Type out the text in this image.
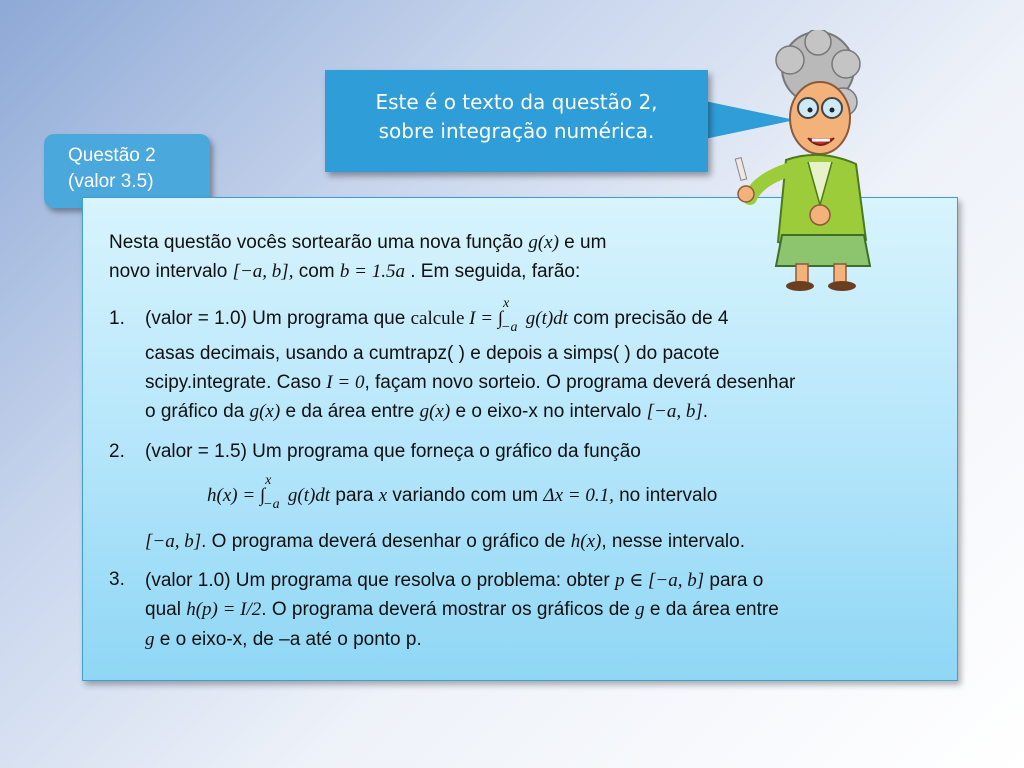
Questão 2
(valor 3.5)
Nesta questão vocês sortearão uma nova função g(x) e um
novo intervalo [−a, b], com b = 1.5a . Em seguida, farão:
1. (valor = 1.0) Um programa que calcule I = ∫
x
−a g(t)dt com precisão de 4
casas decimais, usando a cumtrapz( ) e depois a simps( ) do pacote
scipy.integrate. Caso I = 0, façam novo sorteio. O programa deverá desenhar
o gráfico da g(x) e da área entre g(x) e o eixo-x no intervalo [−a, b].
2. (valor = 1.5) Um programa que forneça o gráfico da função
h(x) = ∫
x
−a g(t)dt para x variando com um Δx = 0.1, no intervalo
[−a, b]. O programa deverá desenhar o gráfico de h(x), nesse intervalo.
3. (valor 1.0) Um programa que resolva o problema: obter p ∈ [−a, b] para o
qual h(p) = I/2. O programa deverá mostrar os gráficos de g e da área entre
g e o eixo-x, de –a até o ponto p.
Este é o texto da questão 2,
sobre integração numérica.
